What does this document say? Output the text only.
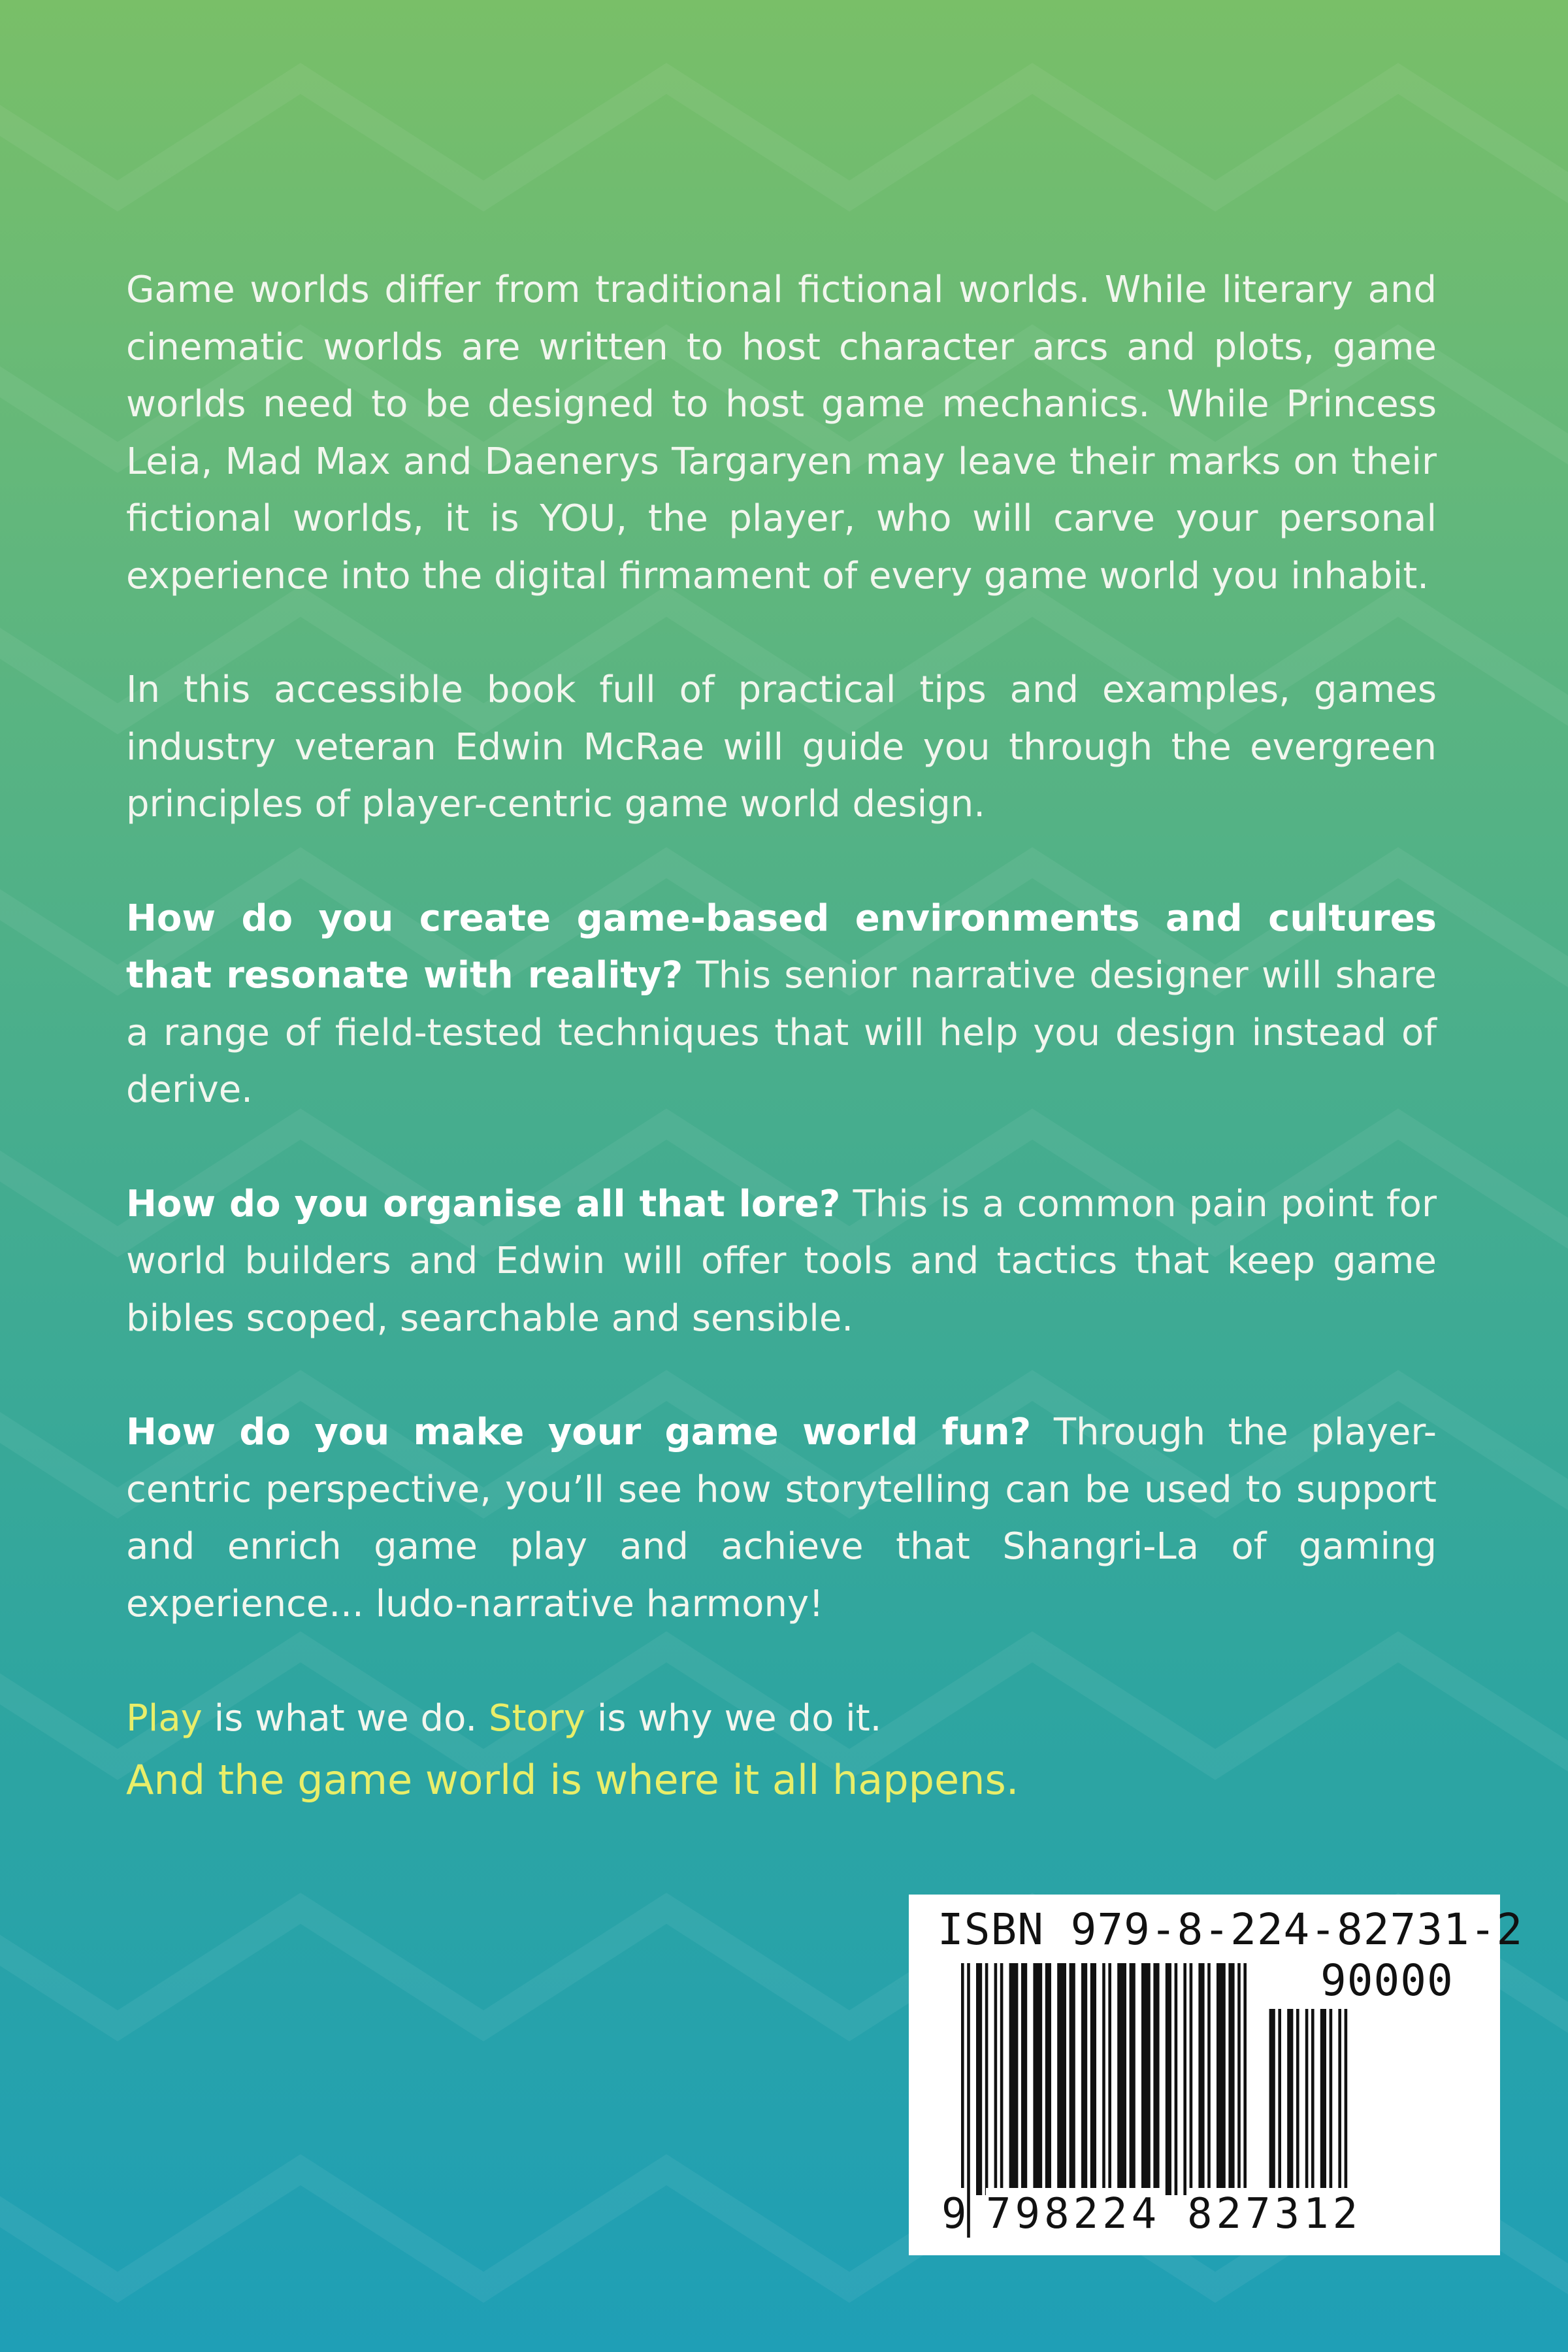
Game worlds differ from traditional fictional worlds. While literary and cinematic worlds are written to host character arcs and plots, game worlds need to be designed to host game mechanics. While Princess Leia, Mad Max and Daenerys Targaryen may leave their marks on their fictional worlds, it is YOU, the player, who will carve your personal experience into the digital firmament of every game world you inhabit.

In this accessible book full of practical tips and examples, games industry veteran Edwin McRae will guide you through the evergreen principles of player-centric game world design.

How do you create game-based environments and cultures that resonate with reality? This senior narrative designer will share a range of field-tested techniques that will help you design instead of derive.

How do you organise all that lore? This is a common pain point for world builders and Edwin will offer tools and tactics that keep game bibles scoped, searchable and sensible.

How do you make your game world fun? Through the player-centric perspective, you’ll see how storytelling can be used to support and enrich game play and achieve that Shangri-La of gaming experience... ludo-narrative harmony!

Play is what we do. Story is why we do it.

And the game world is where it all happens.

ISBN 979-8-224-82731-2
90000
9 798224 827312
